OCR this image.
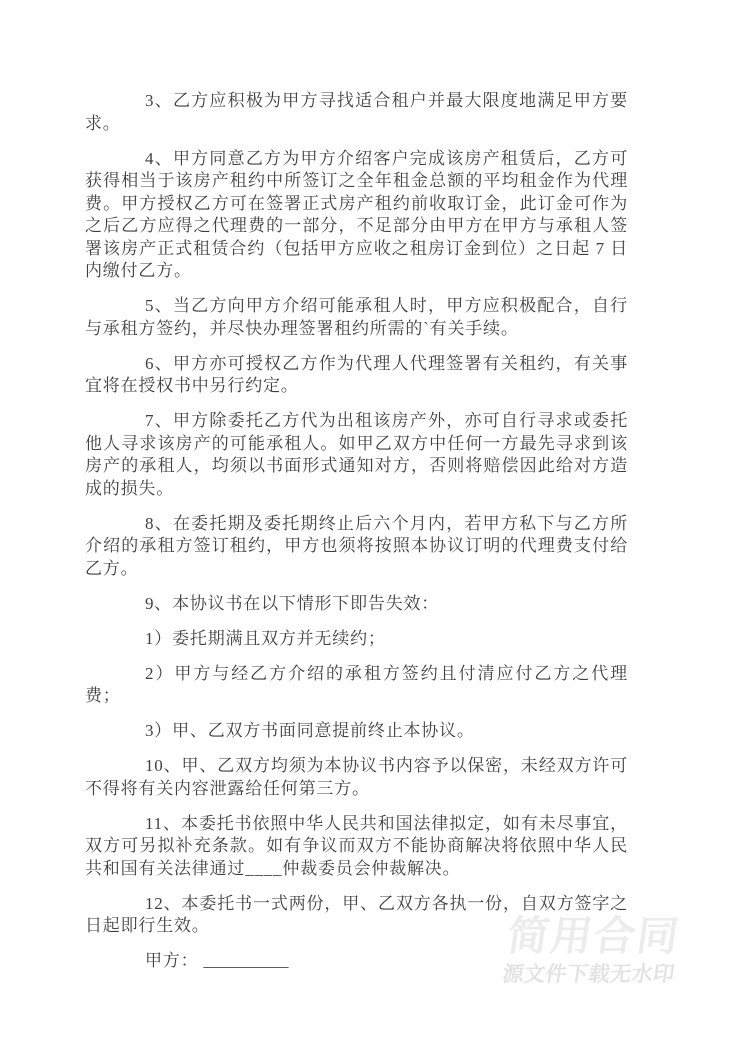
3、乙方应积极为甲方寻找适合租户并最大限度地满足甲方要求。

4、甲方同意乙方为甲方介绍客户完成该房产租赁后，乙方可获得相当于该房产租约中所签订之全年租金总额的平均租金作为代理费。甲方授权乙方可在签署正式房产租约前收取订金，此订金可作为之后乙方应得之代理费的一部分，不足部分由甲方在甲方与承租人签署该房产正式租赁合约（包括甲方应收之租房订金到位）之日起 7 日内缴付乙方。

5、当乙方向甲方介绍可能承租人时，甲方应积极配合，自行与承租方签约，并尽快办理签署租约所需的`有关手续。

6、甲方亦可授权乙方作为代理人代理签署有关租约，有关事宜将在授权书中另行约定。

7、甲方除委托乙方代为出租该房产外，亦可自行寻求或委托他人寻求该房产的可能承租人。如甲乙双方中任何一方最先寻求到该房产的承租人，均须以书面形式通知对方，否则将赔偿因此给对方造成的损失。

8、在委托期及委托期终止后六个月内，若甲方私下与乙方所介绍的承租方签订租约，甲方也须将按照本协议订明的代理费支付给乙方。

9、本协议书在以下情形下即告失效：

1）委托期满且双方并无续约；

2）甲方与经乙方介绍的承租方签约且付清应付乙方之代理费；

3）甲、乙双方书面同意提前终止本协议。

10、甲、乙双方均须为本协议书内容予以保密，未经双方许可不得将有关内容泄露给任何第三方。

11、本委托书依照中华人民共和国法律拟定，如有未尽事宜，双方可另拟补充条款。如有争议而双方不能协商解决将依照中华人民共和国有关法律通过____仲裁委员会仲裁解决。

12、本委托书一式两份，甲、乙双方各执一份，自双方签字之日起即行生效。

甲方： __________

简用合同
源文件下载无水印
